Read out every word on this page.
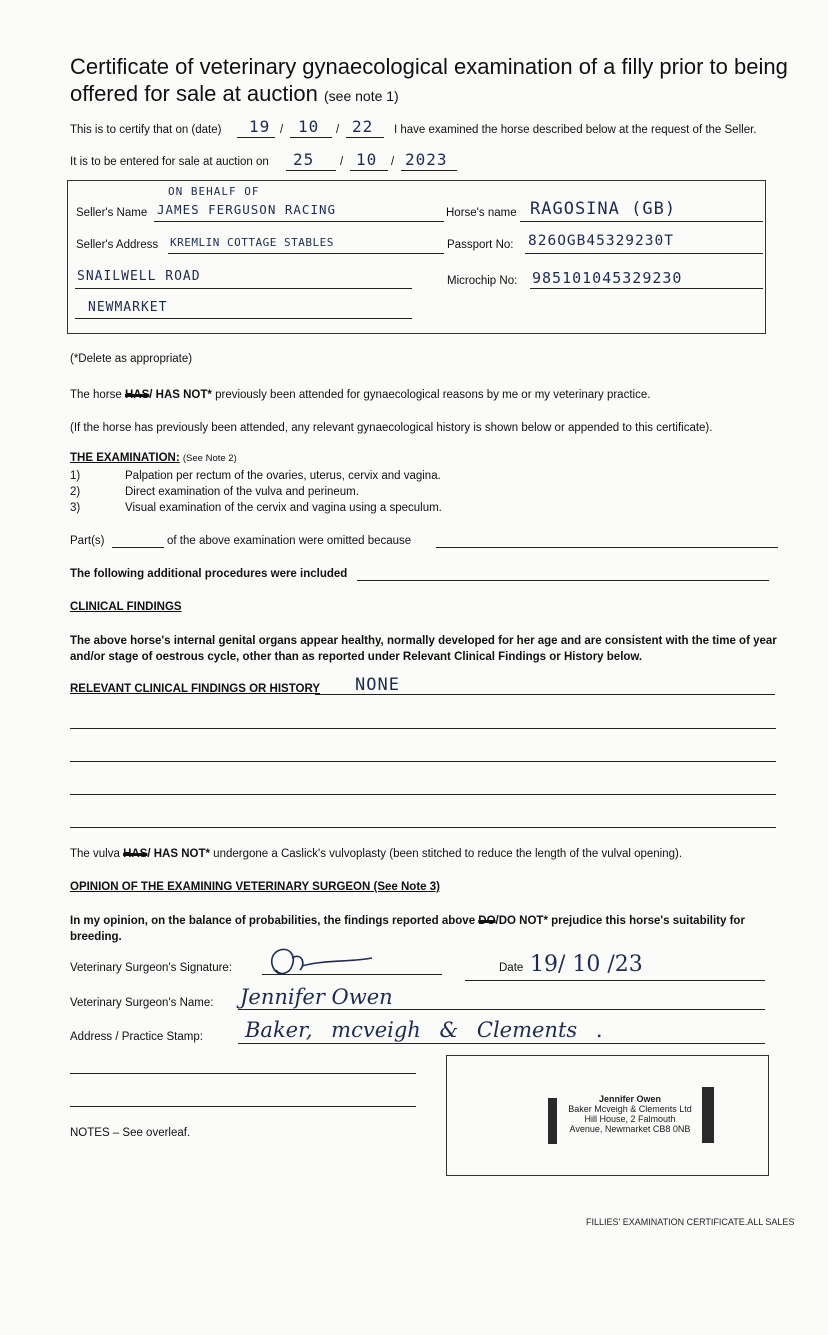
Certificate of veterinary gynaecological examination of a filly prior to being offered for sale at auction (see note 1)
This is to certify that on (date) 19 / 10 / 22 I have examined the horse described below at the request of the Seller.
It is to be entered for sale at auction on 25 / 10 / 2023
ON BEHALF OF
Seller's Name JAMES FERGUSON RACING	Horse's name RAGOSINA (GB)
Seller's Address KREMLIN COTTAGE STABLES	Passport No: 826OGB45329230T
SNAILWELL ROAD	Microchip No: 985101045329230
NEWMARKET
(*Delete as appropriate)
The horse HAS/ HAS NOT* previously been attended for gynaecological reasons by me or my veterinary practice.
(If the horse has previously been attended, any relevant gynaecological history is shown below or appended to this certificate).
THE EXAMINATION: (See Note 2)
1)	Palpation per rectum of the ovaries, uterus, cervix and vagina.
2)	Direct examination of the vulva and perineum.
3)	Visual examination of the cervix and vagina using a speculum.
Part(s)	of the above examination were omitted because
The following additional procedures were included
CLINICAL FINDINGS
The above horse's internal genital organs appear healthy, normally developed for her age and are consistent with the time of year and/or stage of oestrous cycle, other than as reported under Relevant Clinical Findings or History below.
RELEVANT CLINICAL FINDINGS OR HISTORY NONE
The vulva HAS/ HAS NOT* undergone a Caslick's vulvoplasty (been stitched to reduce the length of the vulval opening).
OPINION OF THE EXAMINING VETERINARY SURGEON (See Note 3)
In my opinion, on the balance of probabilities, the findings reported above DO/DO NOT* prejudice this horse's suitability for breeding.
Veterinary Surgeon's Signature:	Date 19/ 10 /23
Veterinary Surgeon's Name: Jennifer Owen
Address / Practice Stamp: Baker, mcveigh & Clements .
Jennifer Owen
Baker Mcveigh & Clements Ltd
Hill House, 2 Falmouth
Avenue, Newmarket CB8 0NB
NOTES – See overleaf.
FILLIES' EXAMINATION CERTIFICATE.ALL SALES
